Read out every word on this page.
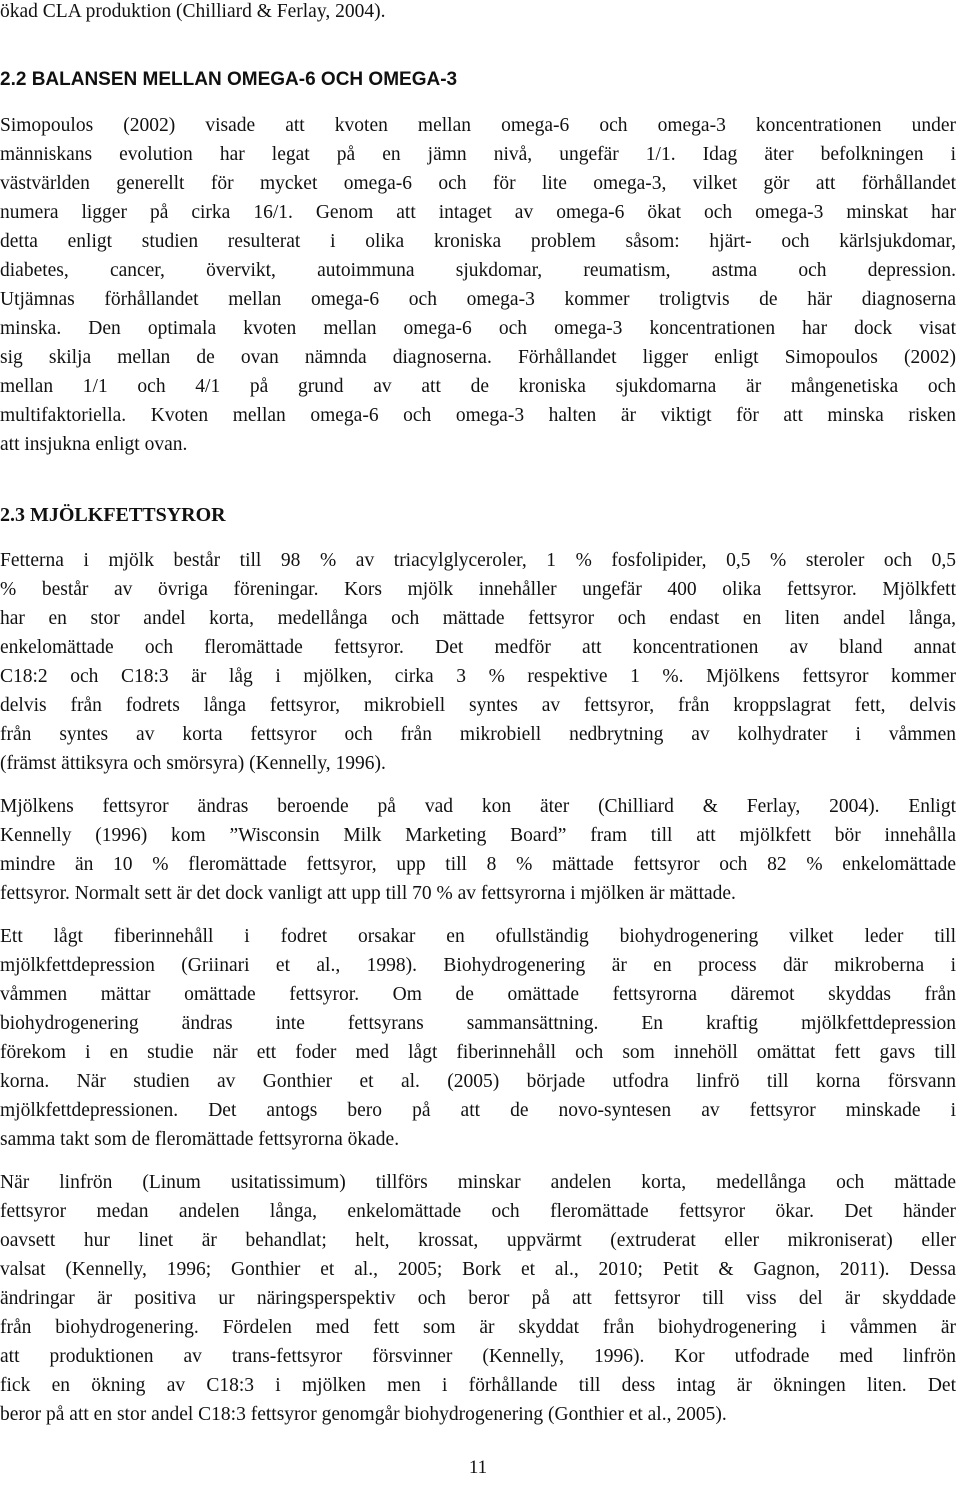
ökad CLA produktion (Chilliard & Ferlay, 2004).

2.2 BALANSEN MELLAN OMEGA-6 OCH OMEGA-3

Simopoulos (2002) visade att kvoten mellan omega-6 och omega-3 koncentrationen under

människans evolution har legat på en jämn nivå, ungefär 1/1. Idag äter befolkningen i

västvärlden generellt för mycket omega-6 och för lite omega-3, vilket gör att förhållandet

numera ligger på cirka 16/1. Genom att intaget av omega-6 ökat och omega-3 minskat har

detta enligt studien resulterat i olika kroniska problem såsom: hjärt- och kärlsjukdomar,

diabetes, cancer, övervikt, autoimmuna sjukdomar, reumatism, astma och depression.

Utjämnas förhållandet mellan omega-6 och omega-3 kommer troligtvis de här diagnoserna

minska. Den optimala kvoten mellan omega-6 och omega-3 koncentrationen har dock visat

sig skilja mellan de ovan nämnda diagnoserna. Förhållandet ligger enligt Simopoulos (2002)

mellan 1/1 och 4/1 på grund av att de kroniska sjukdomarna är mångenetiska och

multifaktoriella. Kvoten mellan omega-6 och omega-3 halten är viktigt för att minska risken

att insjukna enligt ovan.

2.3 MJÖLKFETTSYROR

Fetterna i mjölk består till 98 % av triacylglyceroler, 1 % fosfolipider, 0,5 % steroler och 0,5

% består av övriga föreningar. Kors mjölk innehåller ungefär 400 olika fettsyror. Mjölkfett

har en stor andel korta, medellånga och mättade fettsyror och endast en liten andel långa,

enkelomättade och fleromättade fettsyror. Det medför att koncentrationen av bland annat

C18:2 och C18:3 är låg i mjölken, cirka 3 % respektive 1 %. Mjölkens fettsyror kommer

delvis från fodrets långa fettsyror, mikrobiell syntes av fettsyror, från kroppslagrat fett, delvis

från syntes av korta fettsyror och från mikrobiell nedbrytning av kolhydrater i våmmen

(främst ättiksyra och smörsyra) (Kennelly, 1996).

Mjölkens fettsyror ändras beroende på vad kon äter (Chilliard & Ferlay, 2004). Enligt

Kennelly (1996) kom ”Wisconsin Milk Marketing Board” fram till att mjölkfett bör innehålla

mindre än 10 % fleromättade fettsyror, upp till 8 % mättade fettsyror och 82 % enkelomättade

fettsyror. Normalt sett är det dock vanligt att upp till 70 % av fettsyrorna i mjölken är mättade.

Ett lågt fiberinnehåll i fodret orsakar en ofullständig biohydrogenering vilket leder till

mjölkfettdepression (Griinari et al., 1998). Biohydrogenering är en process där mikroberna i

våmmen mättar omättade fettsyror. Om de omättade fettsyrorna däremot skyddas från

biohydrogenering ändras inte fettsyrans sammansättning. En kraftig mjölkfettdepression

förekom i en studie när ett foder med lågt fiberinnehåll och som innehöll omättat fett gavs till

korna. När studien av Gonthier et al. (2005) började utfodra linfrö till korna försvann

mjölkfettdepressionen. Det antogs bero på att de novo-syntesen av fettsyror minskade i

samma takt som de fleromättade fettsyrorna ökade.

När linfrön (Linum usitatissimum) tillförs minskar andelen korta, medellånga och mättade

fettsyror medan andelen långa, enkelomättade och fleromättade fettsyror ökar. Det händer

oavsett hur linet är behandlat; helt, krossat, uppvärmt (extruderat eller mikroniserat) eller

valsat (Kennelly, 1996; Gonthier et al., 2005; Bork et al., 2010; Petit & Gagnon, 2011). Dessa

ändringar är positiva ur näringsperspektiv och beror på att fettsyror till viss del är skyddade

från biohydrogenering. Fördelen med fett som är skyddat från biohydrogenering i våmmen är

att produktionen av trans-fettsyror försvinner (Kennelly, 1996). Kor utfodrade med linfrön

fick en ökning av C18:3 i mjölken men i förhållande till dess intag är ökningen liten. Det

beror på att en stor andel C18:3 fettsyror genomgår biohydrogenering (Gonthier et al., 2005).

11
